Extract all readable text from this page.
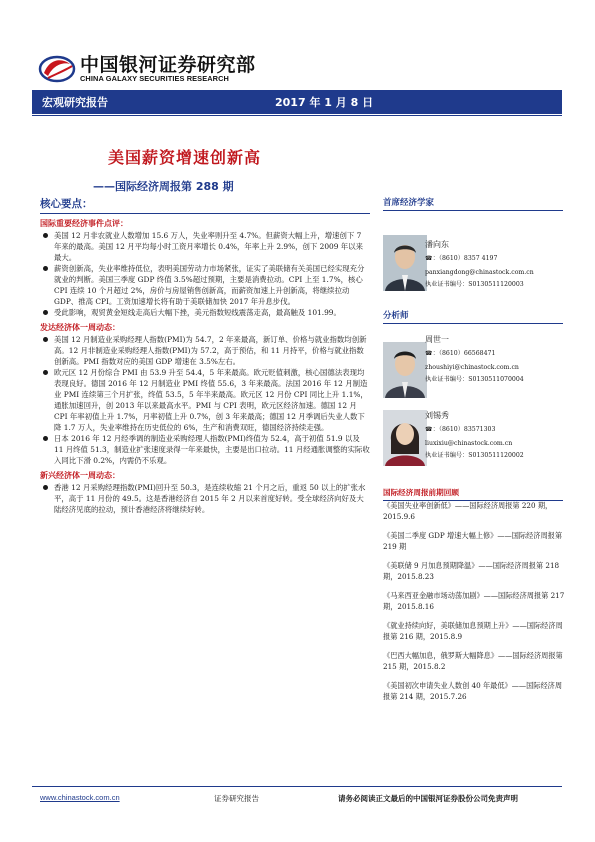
中国银河证券研究部
CHINA GALAXY SECURITIES RESEARCH
宏观研究报告	2017 年 1 月 8 日
美国薪资增速创新高
——国际经济周报第 288 期
核心要点：
国际重要经济事件点评：
美国 12 月非农就业人数增加 15.6 万人，失业率则升至 4.7%。但薪资大幅上升，增速创下 7 年来的最高。美国 12 月平均每小时工资月率增长 0.4%，年率上升 2.9%，创下 2009 年以来最大。
薪资创新高，失业率维持低位，表明美国劳动力市场紧张，证实了美联储有关美国已经实现充分就业的判断。美国三季度 GDP 终值 3.5%超过预期，主要是消费拉动。CPI 上至 1.7%，核心 CPI 连续 10 个月超过 2%，房价与房屋销售创新高，而薪资加速上升创新高，将继续拉动 GDP、推高 CPI。工资加速增长将有助于美联储加快 2017 年升息步伐。
受此影响，观贸黄金短线走高后大幅下挫，美元指数短线震荡走高，最高触及 101.99。
发达经济体一周动态：
美国 12 月制造业采购经理人指数(PMI)为 54.7，2 年来最高，新订单、价格与就业指数均创新高。12 月非制造业采购经理人指数(PMI)为 57.2，高于预估，和 11 月持平，价格与就业指数创新高。PMI 指数对应的美国 GDP 增速在 3.5%左右。
欧元区 12 月份综合 PMI 由 53.9 升至 54.4，5 年来最高。欧元贬值刺激，核心国德法表现均表现良好。德国 2016 年 12 月制造业 PMI 终值 55.6，3 年来最高。法国 2016 年 12 月制造业 PMI 连续第三个月扩张，终值 53.5，5 年半来最高。欧元区 12 月份 CPI 同比上升 1.1%，通胀加速回升，创 2013 年以来最高水平。PMI 与 CPI 表明，欧元区经济加速。德国 12 月 CPI 年率初值上升 1.7%，月率初值上升 0.7%，创 3 年来最高；德国 12 月季调后失业人数下降 1.7 万人，失业率维持在历史低位的 6%，生产和消费双旺，德国经济持续走强。
日本 2016 年 12 月经季调的制造业采购经理人指数(PMI)终值为 52.4，高于初值 51.9 以及 11 月终值 51.3，制造业扩张速度录得一年来最快，主要是出口拉动。11 月经通胀调整的实际收入同比下滑 0.2%，内需仍不乐观。
新兴经济体一周动态：
香港 12 月采购经理指数(PMI)回升至 50.3，是连续收缩 21 个月之后，重返 50 以上的扩张水平，高于 11 月份的 49.5。这是香港经济自 2015 年 2 月以来首度好转。受全球经济向好及大陆经济见底的拉动，预计香港经济将继续好转。
首席经济学家
潘向东
☎：（8610）8357 4197
panxiangdong@chinastock.com.cn
执业证书编号：S0130511120003
分析师
周世一
☎：（8610）66568471
zhoushiyi@chinastock.com.cn
执业证书编号：S0130511070004
刘锡秀
☎：（8610）83571303
liuxixiu@chinastock.com.cn
执业证书编号：S0130511120002
国际经济周报前期回顾
《美国失业率创新低》——国际经济周报第 220 期，2015.9.6
《美国二季度 GDP 增速大幅上修》——国际经济周报第 219 期
《美联储 9 月加息预期降温》——国际经济周报第 218 期，2015.8.23
《马来西亚金融市场动荡加剧》——国际经济周报第 217 期，2015.8.16
《就业持续向好，美联储加息预期上升》——国际经济周报第 216 期，2015.8.9
《巴西大幅加息，俄罗斯大幅降息》——国际经济周报第 215 期，2015.8.2
《美国初次申请失业人数创 40 年最低》——国际经济周报第 214 期，2015.7.26
www.chinastock.com.cn	证券研究报告	请务必阅读正文最后的中国银河证券股份公司免责声明
